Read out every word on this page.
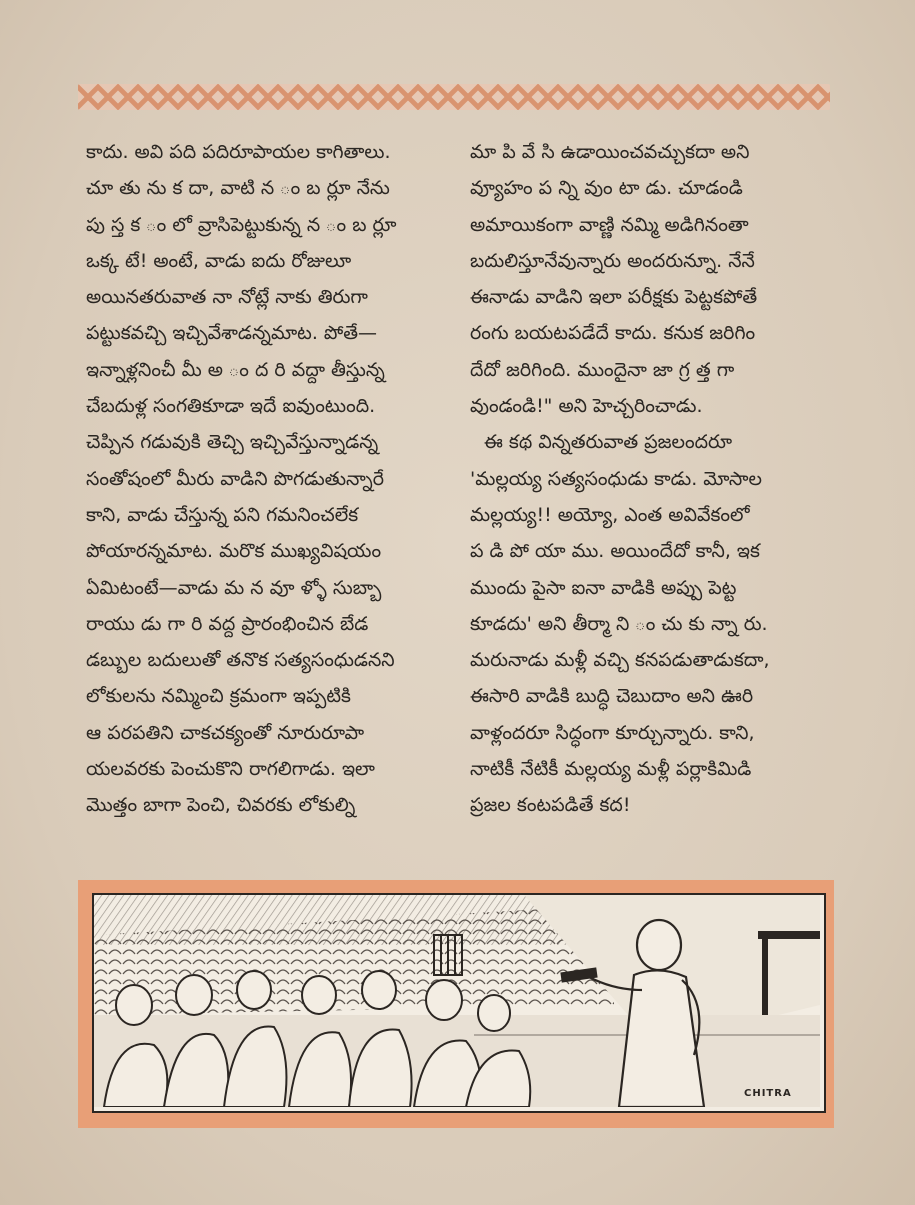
కాదు. అవి పది పదిరూపాయల కాగితాలు.
చూ తు ను క దా, వాటి న ం బ ర్లూ నేను
పు స్త క ం లో వ్రాసిపెట్టుకున్న న ం బ ర్లూ
ఒక్క టే! అంటే, వాడు ఐదు రోజులూ
అయినతరువాత నా నోట్లే నాకు తిరుగా
పట్టుకవచ్చి ఇచ్చివేశాడన్నమాట. పోతే—
ఇన్నాళ్లనించీ మీ అ ం ద రి వద్దా తీస్తున్న
చేబదుళ్ల సంగతికూడా ఇదే ఐవుంటుంది.
చెప్పిన గడువుకి తెచ్చి ఇచ్చివేస్తున్నాడన్న
సంతోషంలో మీరు వాడిని పొగడుతున్నారే
కాని, వాడు చేస్తున్న పని గమనించలేక
పోయారన్నమాట. మరొక ముఖ్యవిషయం
ఏమిటంటే—వాడు మ న వూ ళ్ళో సుబ్బా
రాయు డు గా రి వద్ద ప్రారంభించిన బేడ
డబ్బుల బదులుతో తనొక సత్యసంధుడనని
లోకులను నమ్మించి క్రమంగా ఇప్పటికి
ఆ పరపతిని చాకచక్యంతో నూరురూపా
యలవరకు పెంచుకొని రాగలిగాడు. ఇలా
మొత్తం బాగా పెంచి, చివరకు లోకుల్ని
మా పి వే సి ఉడాయించవచ్చుకదా అని
వ్యూహం ప న్ని వుం టా డు. చూడండి
అమాయికంగా వాణ్ణి నమ్మి అడిగినంతా
బదులిస్తూనేవున్నారు అందరున్నూ. నేనే
ఈనాడు వాడిని ఇలా పరీక్షకు పెట్టకపోతే
రంగు బయటపడేదే కాదు. కనుక జరిగిం
దేదో జరిగింది. ముందైనా జా గ్ర త్త గా
వుండండి!" అని హెచ్చరించాడు.
ఈ కథ విన్నతరువాత ప్రజలందరూ
'మల్లయ్య సత్యసంధుడు కాడు. మోసాల
మల్లయ్య!! అయ్యో, ఎంత అవివేకంలో
ప డి పో యా ము. అయిందేదో కానీ, ఇక
ముందు పైసా ఐనా వాడికి అప్పు పెట్ట
కూడదు' అని తీర్మా ని ం చు కు న్నా రు.
మరునాడు మళ్లీ వచ్చి కనపడుతాడుకదా,
ఈసారి వాడికి బుద్ధి చెబుదాం అని ఊరి
వాళ్లందరూ సిద్ధంగా కూర్చున్నారు. కాని,
నాటికీ నేటికీ మల్లయ్య మళ్లీ పర్లాకిమిడి
ప్రజల కంటపడితే కద!
CHITRA
